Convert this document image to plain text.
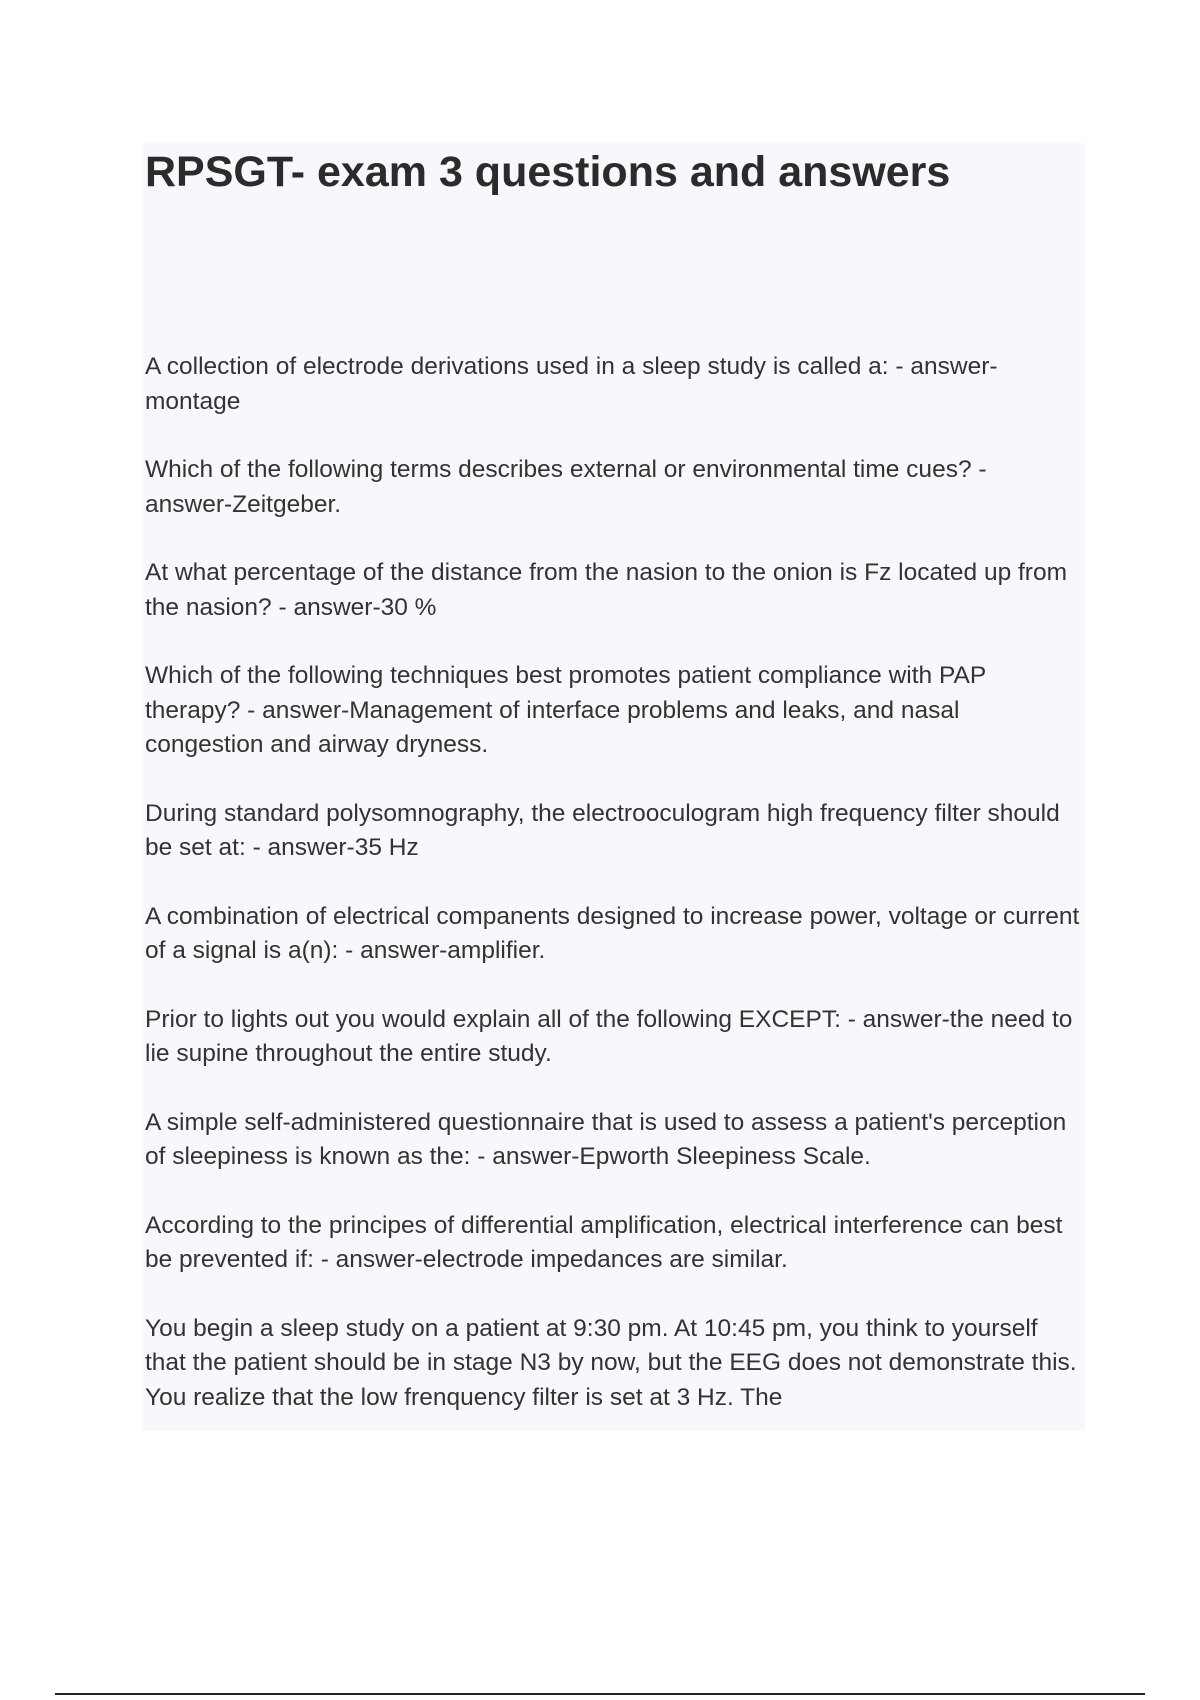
RPSGT- exam 3 questions and answers
A collection of electrode derivations used in a sleep study is called a: - answer-montage
Which of the following terms describes external or environmental time cues? - answer-Zeitgeber.
At what percentage of the distance from the nasion to the onion is Fz located up from the nasion? - answer-30 %
Which of the following techniques best promotes patient compliance with PAP therapy? - answer-Management of interface problems and leaks, and nasal congestion and airway dryness.
During standard polysomnography, the electrooculogram high frequency filter should be set at: - answer-35 Hz
A combination of electrical companents designed to increase power, voltage or current of a signal is a(n): - answer-amplifier.
Prior to lights out you would explain all of the following EXCEPT: - answer-the need to lie supine throughout the entire study.
A simple self-administered questionnaire that is used to assess a patient's perception of sleepiness is known as the: - answer-Epworth Sleepiness Scale.
According to the principes of differential amplification, electrical interference can best be prevented if: - answer-electrode impedances are similar.
You begin a sleep study on a patient at 9:30 pm. At 10:45 pm, you think to yourself that the patient should be in stage N3 by now, but the EEG does not demonstrate this. You realize that the low frenquency filter is set at 3 Hz. The
